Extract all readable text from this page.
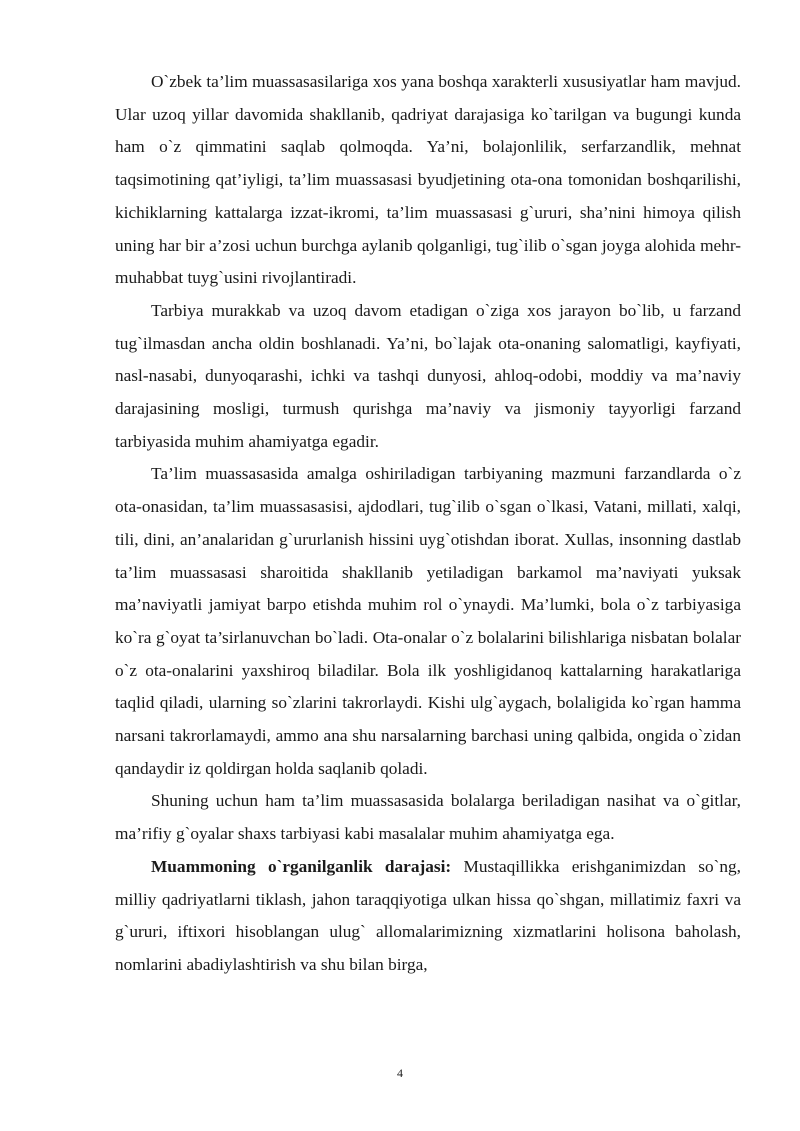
O`zbek ta’lim muassasasilariga xos yana boshqa xarakterli xususiyatlar ham mavjud. Ular uzoq yillar davomida shakllanib, qadriyat darajasiga ko`tarilgan va bugungi kunda ham o`z qimmatini saqlab qolmoqda. Ya’ni, bolajonlilik, serfarzandlik, mehnat taqsimotining qat’iyligi, ta’lim muassasasi byudjetining ota-ona tomonidan boshqarilishi, kichiklarning kattalarga izzat-ikromi, ta’lim muassasasi g`ururi, sha’nini himoya qilish uning har bir a’zosi uchun burchga aylanib qolganligi, tug`ilib o`sgan joyga alohida mehr-muhabbat tuyg`usini rivojlantiradi.

Tarbiya murakkab va uzoq davom etadigan o`ziga xos jarayon bo`lib, u farzand tug`ilmasdan ancha oldin boshlanadi. Ya’ni, bo`lajak ota-onaning salomatligi, kayfiyati, nasl-nasabi, dunyoqarashi, ichki va tashqi dunyosi, ahloq-odobi, moddiy va ma’naviy darajasining mosligi, turmush qurishga ma’naviy va jismoniy tayyorligi farzand tarbiyasida muhim ahamiyatga egadir.

Ta’lim muassasasida amalga oshiriladigan tarbiyaning mazmuni farzandlarda o`z ota-onasidan, ta’lim muassasasisi, ajdodlari, tug`ilib o`sgan o`lkasi, Vatani, millati, xalqi, tili, dini, an’analaridan g`ururlanish hissini uyg`otishdan iborat. Xullas, insonning dastlab ta’lim muassasasi sharoitida shakllanib yetiladigan barkamol ma’naviyati yuksak ma’naviyatli jamiyat barpo etishda muhim rol o`ynaydi. Ma’lumki, bola o`z tarbiyasiga ko`ra g`oyat ta’sirlanuvchan bo`ladi. Ota-onalar o`z bolalarini bilishlariga nisbatan bolalar o`z ota-onalarini yaxshiroq biladilar. Bola ilk yoshligidanoq kattalarning harakatlariga taqlid qiladi, ularning so`zlarini takrorlaydi. Kishi ulg`aygach, bolaligida ko`rgan hamma narsani takrorlamaydi, ammo ana shu narsalarning barchasi uning qalbida, ongida o`zidan qandaydir iz qoldirgan holda saqlanib qoladi.

Shuning uchun ham ta’lim muassasasida bolalarga beriladigan nasihat va o`gitlar, ma’rifiy g`oyalar shaxs tarbiyasi kabi masalalar muhim ahamiyatga ega.

Muammoning o`rganilganlik darajasi: Mustaqillikka erishganimizdan so`ng, milliy qadriyatlarni tiklash, jahon taraqqiyotiga ulkan hissa qo`shgan, millatimiz faxri va g`ururi, iftixori hisoblangan ulug` allomalarimizning xizmatlarini holisona baholash, nomlarini abadiylashtirish va shu bilan birga,

4
